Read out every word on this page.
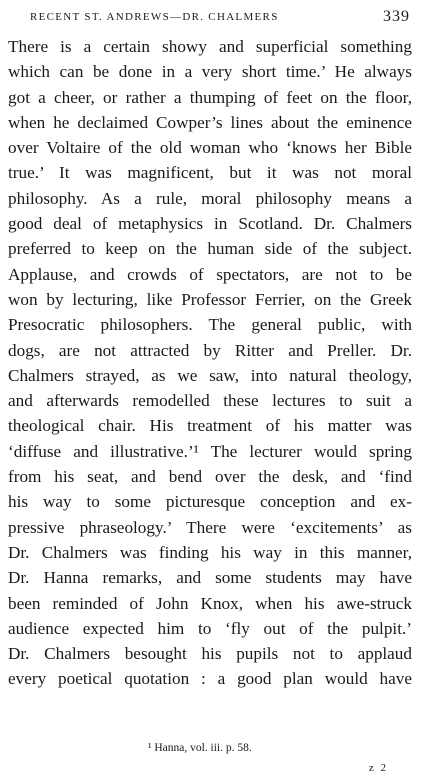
RECENT ST. ANDREWS—DR. CHALMERS	339
There is a certain showy and superficial something
which can be done in a very short time.’ He always
got a cheer, or rather a thumping of feet on the floor,
when he declaimed Cowper’s lines about the eminence
over Voltaire of the old woman who ‘knows her Bible
true.’ It was magnificent, but it was not moral
philosophy. As a rule, moral philosophy means a
good deal of metaphysics in Scotland. Dr. Chalmers
preferred to keep on the human side of the subject.
Applause, and crowds of spectators, are not to be
won by lecturing, like Professor Ferrier, on the Greek
Presocratic philosophers. The general public, with
dogs, are not attracted by Ritter and Preller. Dr.
Chalmers strayed, as we saw, into natural theology,
and afterwards remodelled these lectures to suit a
theological chair. His treatment of his matter was
‘diffuse and illustrative.’¹ The lecturer would spring
from his seat, and bend over the desk, and ‘find
his way to some picturesque conception and ex-
pressive phraseology.’ There were ‘excitements’ as
Dr. Chalmers was finding his way in this manner,
Dr. Hanna remarks, and some students may have
been reminded of John Knox, when his awe-struck
audience expected him to ‘fly out of the pulpit.’
Dr. Chalmers besought his pupils not to applaud
every poetical quotation : a good plan would have
¹ Hanna, vol. iii. p. 58.
z 2
